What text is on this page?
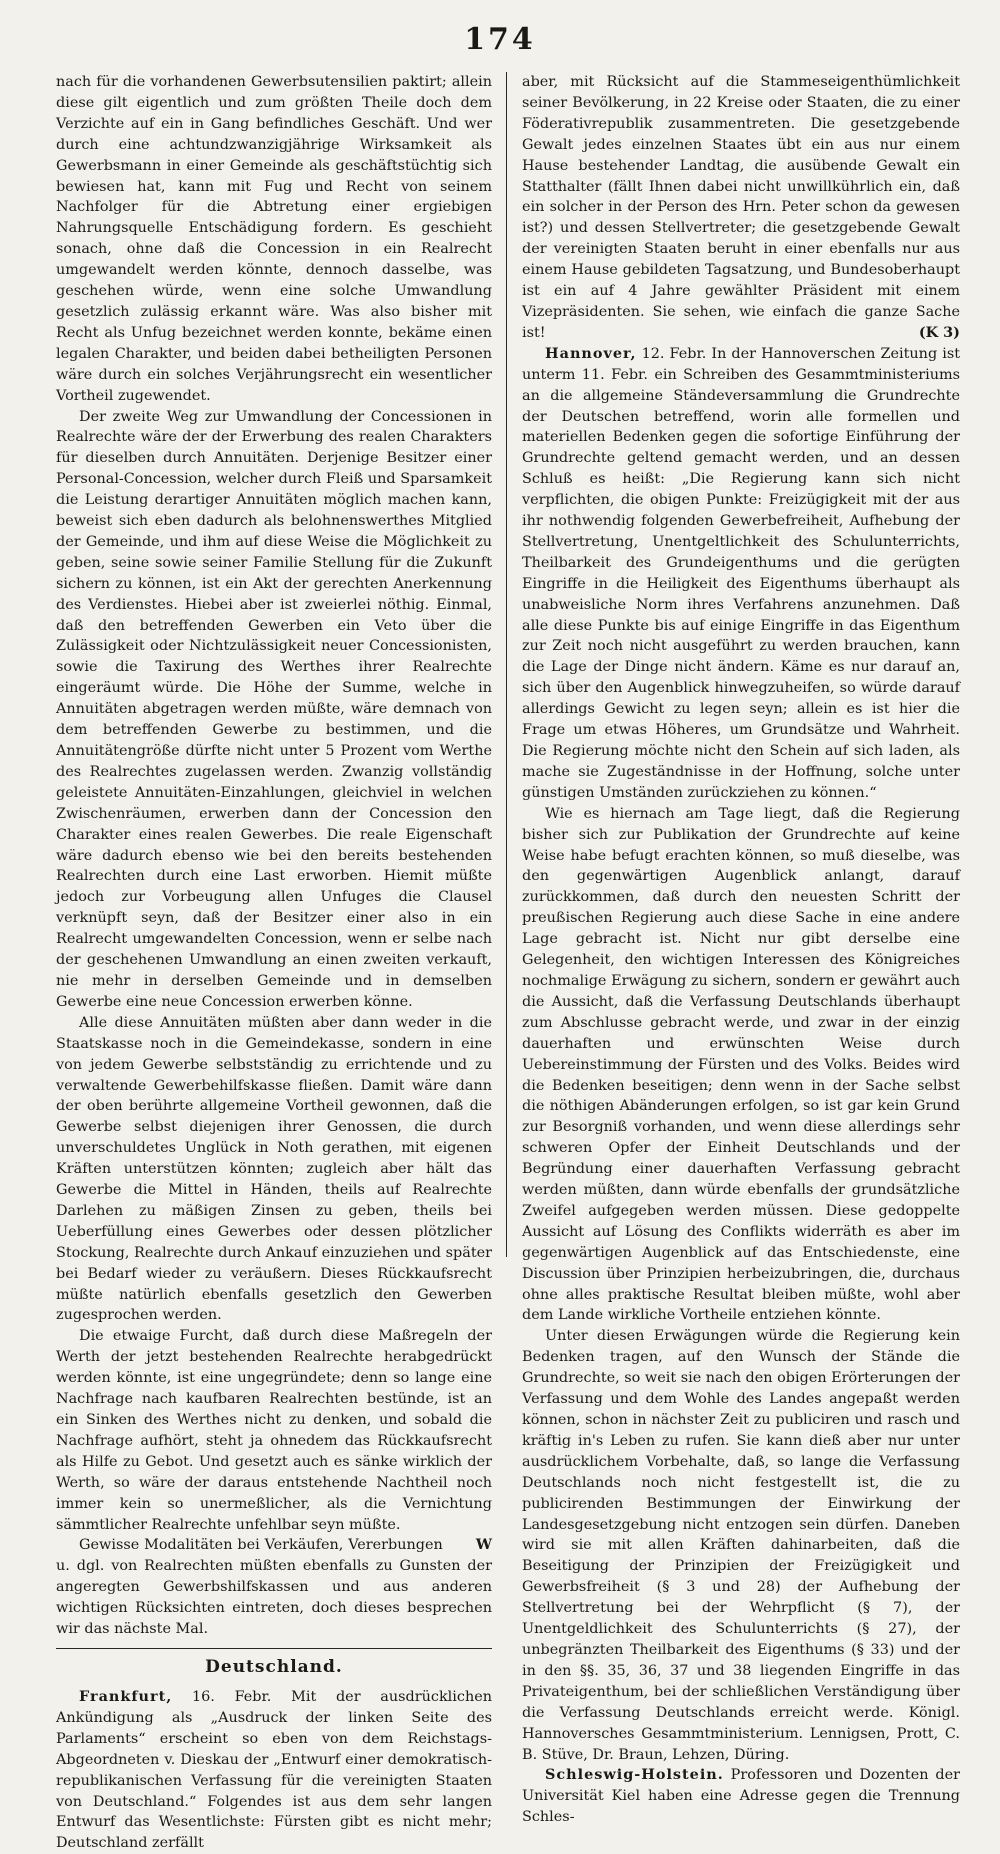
174

nach für die vorhandenen Gewerbsutensilien paktirt; allein diese gilt eigentlich und zum größten Theile doch dem Verzichte auf ein in Gang befindliches Geschäft. Und wer durch eine achtundzwanzigjährige Wirksamkeit als Gewerbsmann in einer Gemeinde als geschäftstüchtig sich bewiesen hat, kann mit Fug und Recht von seinem Nachfolger für die Abtretung einer ergiebigen Nahrungsquelle Entschädigung fordern. Es geschieht sonach, ohne daß die Concession in ein Realrecht umgewandelt werden könnte, dennoch dasselbe, was geschehen würde, wenn eine solche Umwandlung gesetzlich zulässig erkannt wäre. Was also bisher mit Recht als Unfug bezeichnet werden konnte, bekäme einen legalen Charakter, und beiden dabei betheiligten Personen wäre durch ein solches Verjährungsrecht ein wesentlicher Vortheil zugewendet.

Der zweite Weg zur Umwandlung der Concessionen in Realrechte wäre der der Erwerbung des realen Charakters für dieselben durch Annuitäten. Derjenige Besitzer einer Personal-Concession, welcher durch Fleiß und Sparsamkeit die Leistung derartiger Annuitäten möglich machen kann, beweist sich eben dadurch als belohnenswerthes Mitglied der Gemeinde, und ihm auf diese Weise die Möglichkeit zu geben, seine sowie seiner Familie Stellung für die Zukunft sichern zu können, ist ein Akt der gerechten Anerkennung des Verdienstes. Hiebei aber ist zweierlei nöthig. Einmal, daß den betreffenden Gewerben ein Veto über die Zulässigkeit oder Nichtzulässigkeit neuer Concessionisten, sowie die Taxirung des Werthes ihrer Realrechte eingeräumt würde. Die Höhe der Summe, welche in Annuitäten abgetragen werden müßte, wäre demnach von dem betreffenden Gewerbe zu bestimmen, und die Annuitätengröße dürfte nicht unter 5 Prozent vom Werthe des Realrechtes zugelassen werden. Zwanzig vollständig geleistete Annuitäten-Einzahlungen, gleichviel in welchen Zwischenräumen, erwerben dann der Concession den Charakter eines realen Gewerbes. Die reale Eigenschaft wäre dadurch ebenso wie bei den bereits bestehenden Realrechten durch eine Last erworben. Hiemit müßte jedoch zur Vorbeugung allen Unfuges die Clausel verknüpft seyn, daß der Besitzer einer also in ein Realrecht umgewandelten Concession, wenn er selbe nach der geschehenen Umwandlung an einen zweiten verkauft, nie mehr in derselben Gemeinde und in demselben Gewerbe eine neue Concession erwerben könne.

Alle diese Annuitäten müßten aber dann weder in die Staatskasse noch in die Gemeindekasse, sondern in eine von jedem Gewerbe selbstständig zu errichtende und zu verwaltende Gewerbehilfskasse fließen. Damit wäre dann der oben berührte allgemeine Vortheil gewonnen, daß die Gewerbe selbst diejenigen ihrer Genossen, die durch unverschuldetes Unglück in Noth gerathen, mit eigenen Kräften unterstützen könnten; zugleich aber hält das Gewerbe die Mittel in Händen, theils auf Realrechte Darlehen zu mäßigen Zinsen zu geben, theils bei Ueberfüllung eines Gewerbes oder dessen plötzlicher Stockung, Realrechte durch Ankauf einzuziehen und später bei Bedarf wieder zu veräußern. Dieses Rückkaufsrecht müßte natürlich ebenfalls gesetzlich den Gewerben zugesprochen werden.

Die etwaige Furcht, daß durch diese Maßregeln der Werth der jetzt bestehenden Realrechte herabgedrückt werden könnte, ist eine ungegründete; denn so lange eine Nachfrage nach kaufbaren Realrechten bestünde, ist an ein Sinken des Werthes nicht zu denken, und sobald die Nachfrage aufhört, steht ja ohnedem das Rückkaufsrecht als Hilfe zu Gebot. Und gesetzt auch es sänke wirklich der Werth, so wäre der daraus entstehende Nachtheil noch immer kein so unermeßlicher, als die Vernichtung sämmtlicher Realrechte unfehlbar seyn müßte.

W
Gewisse Modalitäten bei Verkäufen, Vererbungen u. dgl. von Realrechten müßten ebenfalls zu Gunsten der angeregten Gewerbshilfskassen und aus anderen wichtigen Rücksichten eintreten, doch dieses besprechen wir das nächste Mal.

Deutschland.

Frankfurt, 16. Febr. Mit der ausdrücklichen Ankündigung als „Ausdruck der linken Seite des Parlaments“ erscheint so eben von dem Reichstags-Abgeordneten v. Dieskau der „Entwurf einer demokratisch-republikanischen Verfassung für die vereinigten Staaten von Deutschland.“ Folgendes ist aus dem sehr langen Entwurf das Wesentlichste: Fürsten gibt es nicht mehr; Deutschland zerfällt

aber, mit Rücksicht auf die Stammeseigenthümlichkeit seiner Bevölkerung, in 22 Kreise oder Staaten, die zu einer Föderativrepublik zusammentreten. Die gesetzgebende Gewalt jedes einzelnen Staates übt ein aus nur einem Hause bestehender Landtag, die ausübende Gewalt ein Statthalter (fällt Ihnen dabei nicht unwillkührlich ein, daß ein solcher in der Person des Hrn. Peter schon da gewesen ist?) und dessen Stellvertreter; die gesetzgebende Gewalt der vereinigten Staaten beruht in einer ebenfalls nur aus einem Hause gebildeten Tagsatzung, und Bundesoberhaupt ist ein auf 4 Jahre gewählter Präsident mit einem Vizepräsidenten. Sie sehen, wie einfach die ganze Sache ist!	(K 3)

Hannover, 12. Febr. In der Hannoverschen Zeitung ist unterm 11. Febr. ein Schreiben des Gesammtministeriums an die allgemeine Ständeversammlung die Grundrechte der Deutschen betreffend, worin alle formellen und materiellen Bedenken gegen die sofortige Einführung der Grundrechte geltend gemacht werden, und an dessen Schluß es heißt: „Die Regierung kann sich nicht verpflichten, die obigen Punkte: Freizügigkeit mit der aus ihr nothwendig folgenden Gewerbefreiheit, Aufhebung der Stellvertretung, Unentgeltlichkeit des Schulunterrichts, Theilbarkeit des Grundeigenthums und die gerügten Eingriffe in die Heiligkeit des Eigenthums überhaupt als unabweisliche Norm ihres Verfahrens anzunehmen. Daß alle diese Punkte bis auf einige Eingriffe in das Eigenthum zur Zeit noch nicht ausgeführt zu werden brauchen, kann die Lage der Dinge nicht ändern. Käme es nur darauf an, sich über den Augenblick hinwegzuheifen, so würde darauf allerdings Gewicht zu legen seyn; allein es ist hier die Frage um etwas Höheres, um Grundsätze und Wahrheit. Die Regierung möchte nicht den Schein auf sich laden, als mache sie Zugeständnisse in der Hoffnung, solche unter günstigen Umständen zurückziehen zu können.“

Wie es hiernach am Tage liegt, daß die Regierung bisher sich zur Publikation der Grundrechte auf keine Weise habe befugt erachten können, so muß dieselbe, was den gegenwärtigen Augenblick anlangt, darauf zurückkommen, daß durch den neuesten Schritt der preußischen Regierung auch diese Sache in eine andere Lage gebracht ist. Nicht nur gibt derselbe eine Gelegenheit, den wichtigen Interessen des Königreiches nochmalige Erwägung zu sichern, sondern er gewährt auch die Aussicht, daß die Verfassung Deutschlands überhaupt zum Abschlusse gebracht werde, und zwar in der einzig dauerhaften und erwünschten Weise durch Uebereinstimmung der Fürsten und des Volks. Beides wird die Bedenken beseitigen; denn wenn in der Sache selbst die nöthigen Abänderungen erfolgen, so ist gar kein Grund zur Besorgniß vorhanden, und wenn diese allerdings sehr schweren Opfer der Einheit Deutschlands und der Begründung einer dauerhaften Verfassung gebracht werden müßten, dann würde ebenfalls der grundsätzliche Zweifel aufgegeben werden müssen. Diese gedoppelte Aussicht auf Lösung des Conflikts widerräth es aber im gegenwärtigen Augenblick auf das Entschiedenste, eine Discussion über Prinzipien herbeizubringen, die, durchaus ohne alles praktische Resultat bleiben müßte, wohl aber dem Lande wirkliche Vortheile entziehen könnte.

Unter diesen Erwägungen würde die Regierung kein Bedenken tragen, auf den Wunsch der Stände die Grundrechte, so weit sie nach den obigen Erörterungen der Verfassung und dem Wohle des Landes angepaßt werden können, schon in nächster Zeit zu publiciren und rasch und kräftig in's Leben zu rufen. Sie kann dieß aber nur unter ausdrücklichem Vorbehalte, daß, so lange die Verfassung Deutschlands noch nicht festgestellt ist, die zu publicirenden Bestimmungen der Einwirkung der Landesgesetzgebung nicht entzogen sein dürfen. Daneben wird sie mit allen Kräften dahinarbeiten, daß die Beseitigung der Prinzipien der Freizügigkeit und Gewerbsfreiheit (§ 3 und 28) der Aufhebung der Stellvertretung bei der Wehrpflicht (§ 7), der Unentgeldlichkeit des Schulunterrichts (§ 27), der unbegränzten Theilbarkeit des Eigenthums (§ 33) und der in den §§. 35, 36, 37 und 38 liegenden Eingriffe in das Privateigenthum, bei der schließlichen Verständigung über die Verfassung Deutschlands erreicht werde. Königl. Hannoversches Gesammtministerium. Lennigsen, Prott, C. B. Stüve, Dr. Braun, Lehzen, Düring.

Schleswig-Holstein. Professoren und Dozenten der Universität Kiel haben eine Adresse gegen die Trennung Schles-
